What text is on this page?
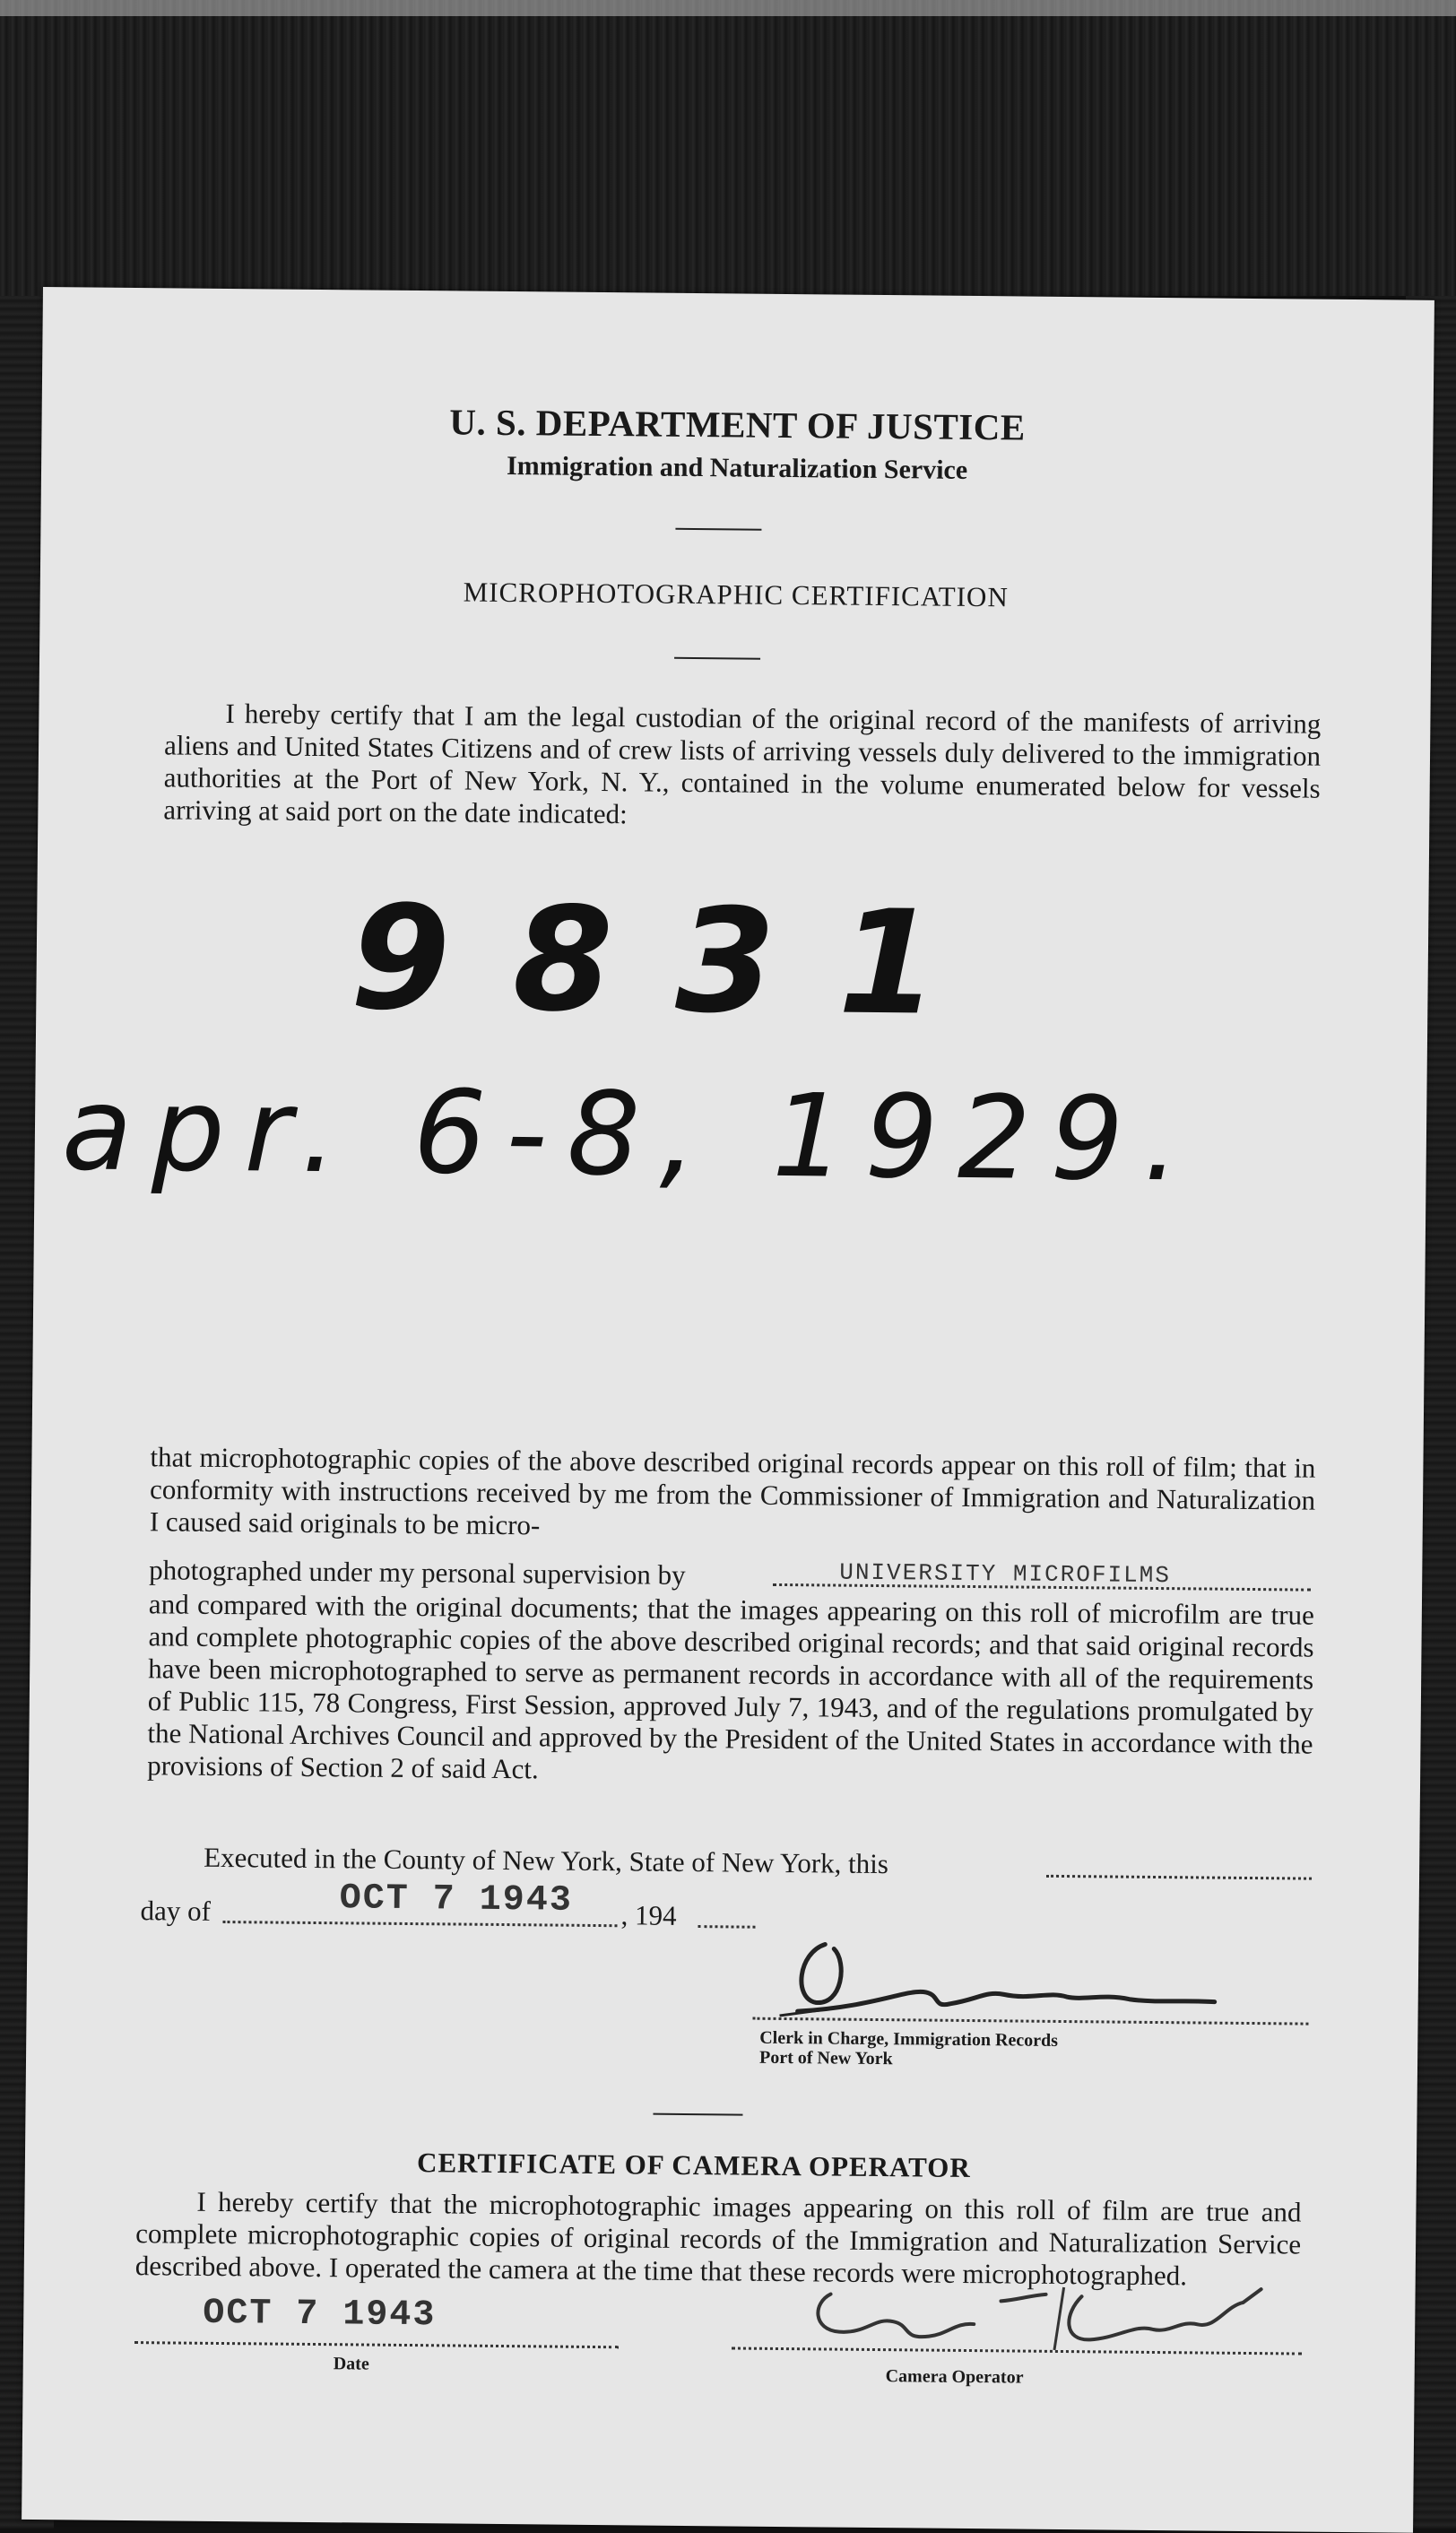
U. S. DEPARTMENT OF JUSTICE
Immigration and Naturalization Service
MICROPHOTOGRAPHIC CERTIFICATION
I hereby certify that I am the legal custodian of the original record of the manifests of arriving aliens and United States Citizens and of crew lists of arriving vessels duly delivered to the immigration authorities at the Port of New York, N. Y., contained in the volume enumerated below for vessels arriving at said port on the date indicated:
9831
apr. 6-8, 1929.
that microphotographic copies of the above described original records appear on this roll of film; that in conformity with instructions received by me from the Commissioner of Immigration and Naturalization I caused said originals to be micro-
photographed under my personal supervision by	UNIVERSITY MICROFILMS
and compared with the original documents; that the images appearing on this roll of microfilm are true and complete photographic copies of the above described original records; and that said original records have been microphotographed to serve as permanent records in accordance with all of the requirements of Public 115, 78 Congress, First Session, approved July 7, 1943, and of the regulations promulgated by the National Archives Council and approved by the President of the United States in accordance with the provisions of Section 2 of said Act.
Executed in the County of New York, State of New York, this
day of	, 194
OCT 7 1943
Clerk in Charge, Immigration Records
Port of New York
CERTIFICATE OF CAMERA OPERATOR
I hereby certify that the microphotographic images appearing on this roll of film are true and complete microphotographic copies of original records of the Immigration and Naturalization Service described above. I operated the camera at the time that these records were microphotographed.
OCT 7 1943
Date
Camera Operator
